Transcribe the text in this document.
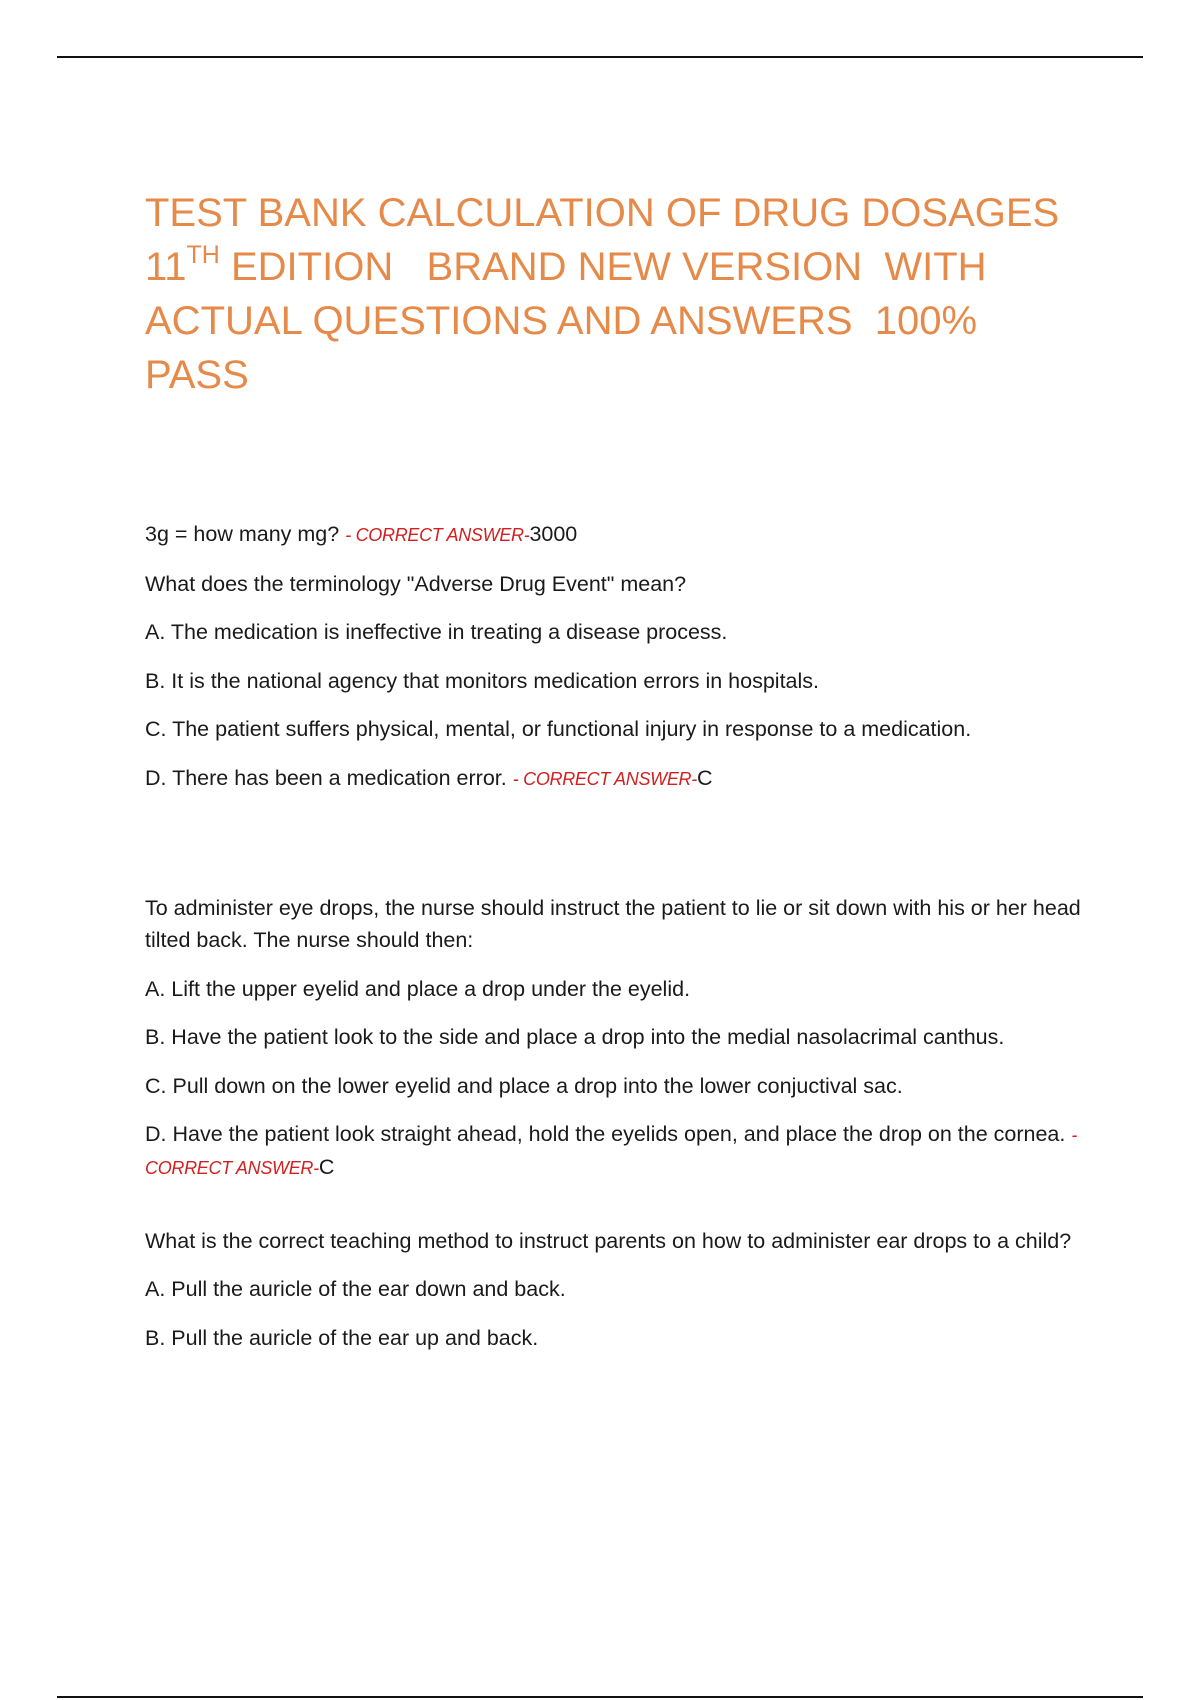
TEST BANK CALCULATION OF DRUG DOSAGES
11TH EDITION   BRAND NEW VERSION  WITH
ACTUAL QUESTIONS AND ANSWERS  100%
PASS

3g = how many mg? - CORRECT ANSWER-3000

What does the terminology "Adverse Drug Event" mean?

A. The medication is ineffective in treating a disease process.

B. It is the national agency that monitors medication errors in hospitals.

C. The patient suffers physical, mental, or functional injury in response to a medication.

D. There has been a medication error. - CORRECT ANSWER-C

To administer eye drops, the nurse should instruct the patient to lie or sit down with his or her head tilted back. The nurse should then:

A. Lift the upper eyelid and place a drop under the eyelid.

B. Have the patient look to the side and place a drop into the medial nasolacrimal canthus.

C. Pull down on the lower eyelid and place a drop into the lower conjuctival sac.

D. Have the patient look straight ahead, hold the eyelids open, and place the drop on the cornea. - CORRECT ANSWER-C

What is the correct teaching method to instruct parents on how to administer ear drops to a child?

A. Pull the auricle of the ear down and back.

B. Pull the auricle of the ear up and back.
